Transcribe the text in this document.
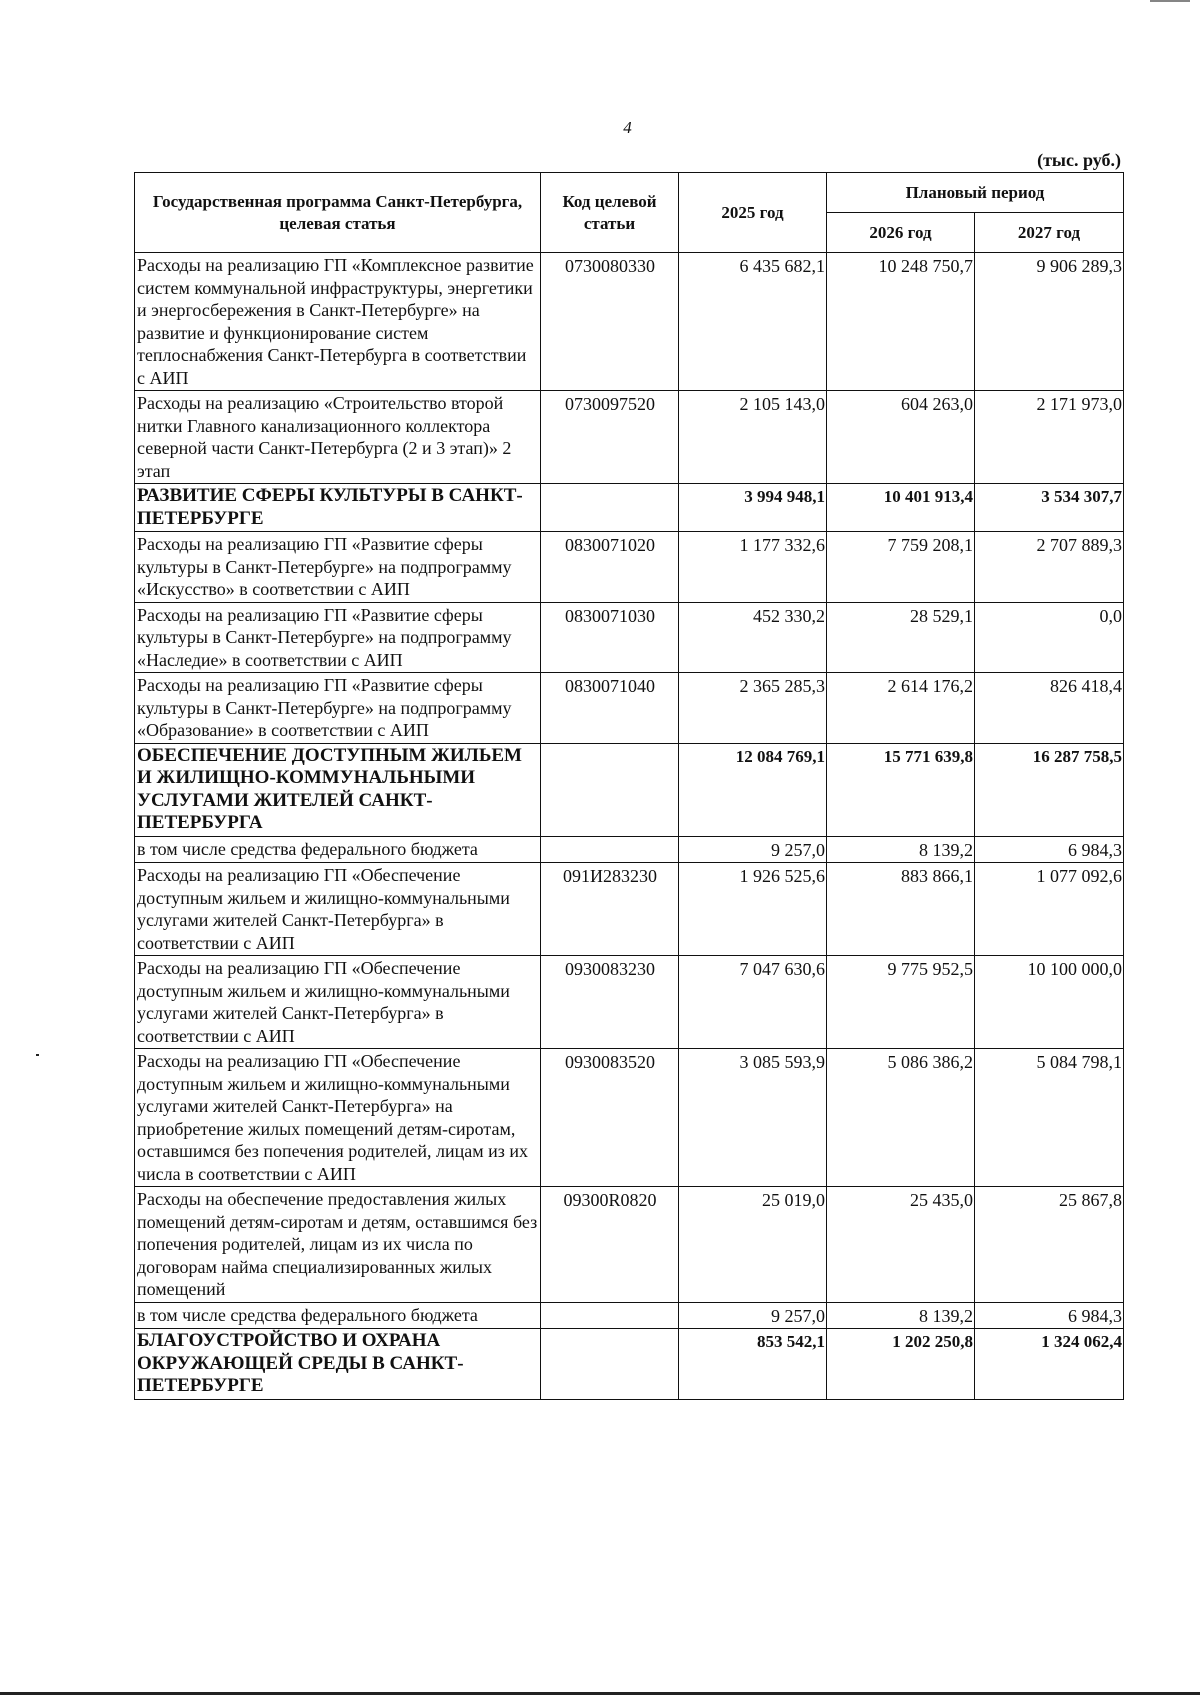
4
(тыс. руб.)
Государственная программа Санкт-Петербурга, целевая статья	Код целевой статьи	2025 год	Плановый период	
			2026 год	2027 год
Расходы на реализацию ГП «Комплексное развитие систем коммунальной инфраструктуры, энергетики и энергосбережения в Санкт-Петербурге» на развитие и функционирование систем теплоснабжения Санкт-Петербурга в соответствии с АИП	0730080330	6 435 682,1	10 248 750,7	9 906 289,3
Расходы на реализацию «Строительство второй нитки Главного канализационного коллектора северной части Санкт-Петербурга (2 и 3 этап)» 2 этап	0730097520	2 105 143,0	604 263,0	2 171 973,0
РАЗВИТИЕ СФЕРЫ КУЛЬТУРЫ В САНКТ-ПЕТЕРБУРГЕ		3 994 948,1	10 401 913,4	3 534 307,7
Расходы на реализацию ГП «Развитие сферы культуры в Санкт-Петербурге» на подпрограмму «Искусство» в соответствии с АИП	0830071020	1 177 332,6	7 759 208,1	2 707 889,3
Расходы на реализацию ГП «Развитие сферы культуры в Санкт-Петербурге» на подпрограмму «Наследие» в соответствии с АИП	0830071030	452 330,2	28 529,1	0,0
Расходы на реализацию ГП «Развитие сферы культуры в Санкт-Петербурге» на подпрограмму «Образование» в соответствии с АИП	0830071040	2 365 285,3	2 614 176,2	826 418,4
ОБЕСПЕЧЕНИЕ ДОСТУПНЫМ ЖИЛЬЕМ И ЖИЛИЩНО-КОММУНАЛЬНЫМИ УСЛУГАМИ ЖИТЕЛЕЙ САНКТ-ПЕТЕРБУРГА		12 084 769,1	15 771 639,8	16 287 758,5
в том числе средства федерального бюджета		9 257,0	8 139,2	6 984,3
Расходы на реализацию ГП «Обеспечение доступным жильем и жилищно-коммунальными услугами жителей Санкт-Петербурга» в соответствии с АИП	091И283230	1 926 525,6	883 866,1	1 077 092,6
Расходы на реализацию ГП «Обеспечение доступным жильем и жилищно-коммунальными услугами жителей Санкт-Петербурга» в соответствии с АИП	0930083230	7 047 630,6	9 775 952,5	10 100 000,0
Расходы на реализацию ГП «Обеспечение доступным жильем и жилищно-коммунальными услугами жителей Санкт-Петербурга» на приобретение жилых помещений детям-сиротам, оставшимся без попечения родителей, лицам из их числа в соответствии с АИП	0930083520	3 085 593,9	5 086 386,2	5 084 798,1
Расходы на обеспечение предоставления жилых помещений детям-сиротам и детям, оставшимся без попечения родителей, лицам из их числа по договорам найма специализированных жилых помещений	09300R0820	25 019,0	25 435,0	25 867,8
в том числе средства федерального бюджета		9 257,0	8 139,2	6 984,3
БЛАГОУСТРОЙСТВО И ОХРАНА ОКРУЖАЮЩЕЙ СРЕДЫ В САНКТ-ПЕТЕРБУРГЕ		853 542,1	1 202 250,8	1 324 062,4
